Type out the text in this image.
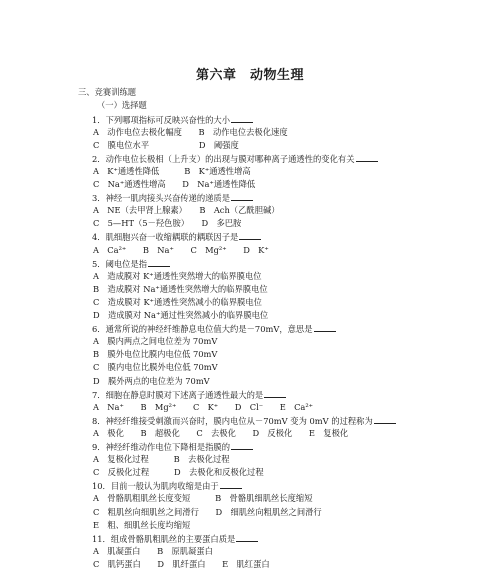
第六章　动物生理
三、竞赛训练题
（一）选择题
1．下列哪项指标可反映兴奋性的大小
A　动作电位去极化幅度　　B　动作电位去极化速度
C　膜电位水平　　　　　　D　阈强度
2．动作电位长极相（上升支）的出现与膜对哪种离子通透性的变化有关
A　K⁺通透性降低　　　B　K⁺通透性增高
C　Na⁺通透性增高　　D　Na⁺通透性降低
3．神经一肌肉接头兴奋传递的递质是
A　NE（去甲肾上腺素）　　B　Ach（乙酰胆碱）
C　5—HT（5－羟色胺）　　D　多巴胺
4．肌细胞兴奋一收缩耦联的耦联因子是
A　Ca²⁺　　B　Na⁺　　C　Mg²⁺　　D　K⁺
5．阈电位是指
A　造成膜对 K⁺通透性突然增大的临界膜电位
B　造成膜对 Na⁺通透性突然增大的临界膜电位
C　造成膜对 K⁺通透性突然减小的临界膜电位
D　造成膜对 Na⁺通过性突然减小的临界膜电位
6．通常所说的神经纤维静息电位值大约是－70mV，意思是
A　膜内两点之间电位差为 70mV
B　膜外电位比膜内电位低 70mV
C　膜内电位比膜外电位低 70mV
D　膜外两点的电位差为 70mV
7．细胞在静息时膜对下述离子通透性最大的是
A　Na⁺　　B　Mg²⁺　　C　K⁺　　D　Cl⁻　　E　Ca²⁺
8．神经纤维接受刺激而兴奋时，膜内电位从－70mV 变为 0mV 的过程称为
A　极化　　B　超极化　　C　去极化　　D　反极化　　E　复极化
9．神经纤维动作电位下降相是指膜的
A　复极化过程　　　B　去极化过程
C　反极化过程　　　D　去极化和反极化过程
10．目前一般认为肌肉收缩是由于
A　骨骼肌粗肌丝长度变短　　　B　骨骼肌细肌丝长度缩短
C　粗肌丝向细肌丝之间滑行　　D　细肌丝向粗肌丝之间滑行
E　粗、细肌丝长度均缩短
11．组成骨骼肌粗肌丝的主要蛋白质是
A　肌凝蛋白　　B　原肌凝蛋白
C　肌钙蛋白　　D　肌纤蛋白　　E　肌红蛋白
